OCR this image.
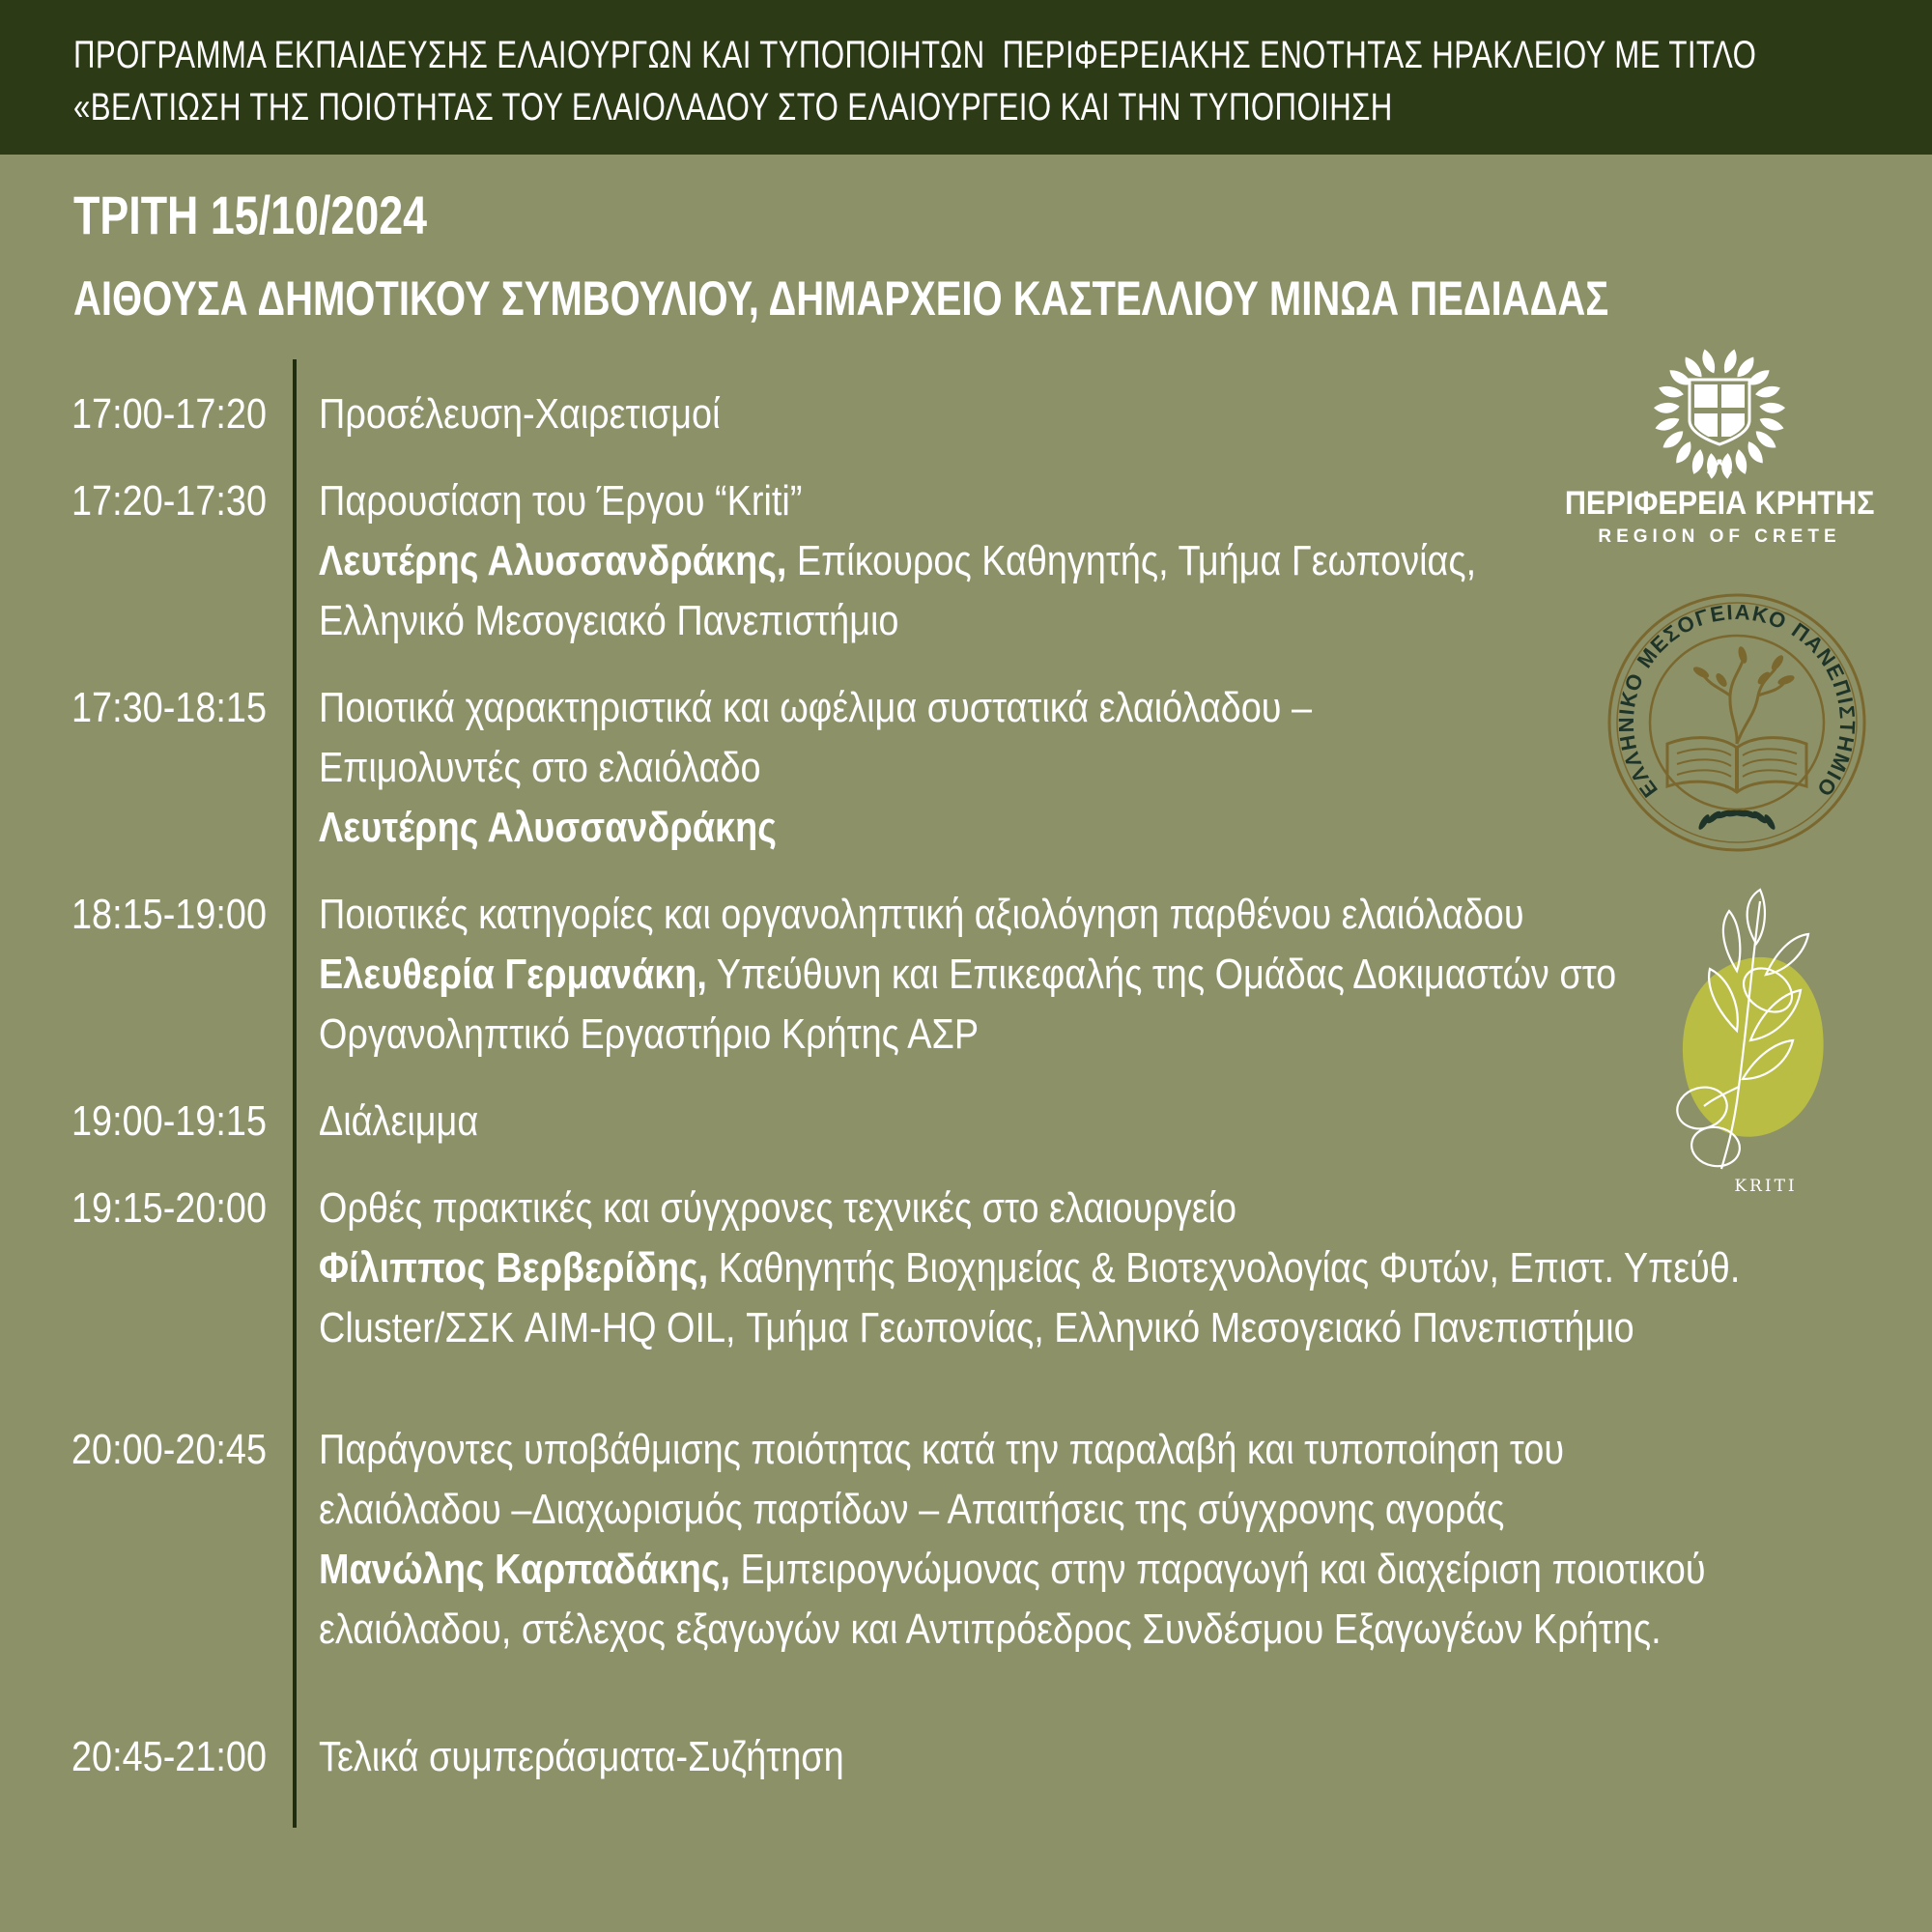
ΠΡΟΓΡΑΜΜΑ ΕΚΠΑΙΔΕΥΣΗΣ ΕΛΑΙΟΥΡΓΩΝ ΚΑΙ ΤΥΠΟΠΟΙΗΤΩΝ  ΠΕΡΙΦΕΡΕΙΑΚΗΣ ΕΝΟΤΗΤΑΣ ΗΡΑΚΛΕΙΟΥ ΜΕ ΤΙΤΛΟ
«ΒΕΛΤΙΩΣΗ ΤΗΣ ΠΟΙΟΤΗΤΑΣ ΤΟΥ ΕΛΑΙΟΛΑΔΟΥ ΣΤΟ ΕΛΑΙΟΥΡΓΕΙΟ ΚΑΙ ΤΗΝ ΤΥΠΟΠΟΙΗΣΗ
ΤΡΙΤΗ 15/10/2024
ΑΙΘΟΥΣΑ ΔΗΜΟΤΙΚΟΥ ΣΥΜΒΟΥΛΙΟΥ, ΔΗΜΑΡΧΕΙΟ ΚΑΣΤΕΛΛΙΟΥ ΜΙΝΩΑ ΠΕΔΙΑΔΑΣ
17:00-17:20	Προσέλευση-Χαιρετισμοί
17:20-17:30	Παρουσίαση του Έργου “Kriti”
Λευτέρης Αλυσσανδράκης, Επίκουρος Καθηγητής, Τμήμα Γεωπονίας,
Ελληνικό Μεσογειακό Πανεπιστήμιο
17:30-18:15	Ποιοτικά χαρακτηριστικά και ωφέλιμα συστατικά ελαιόλαδου –
Επιμολυντές στο ελαιόλαδο
Λευτέρης Αλυσσανδράκης
18:15-19:00	Ποιοτικές κατηγορίες και οργανοληπτική αξιολόγηση παρθένου ελαιόλαδου
Ελευθερία Γερμανάκη, Υπεύθυνη και Επικεφαλής της Ομάδας Δοκιμαστών στο
Οργανοληπτικό Εργαστήριο Κρήτης ΑΣΡ
19:00-19:15	Διάλειμμα
19:15-20:00	Ορθές πρακτικές και σύγχρονες τεχνικές στο ελαιουργείο
Φίλιππος Βερβερίδης, Καθηγητής Βιοχημείας & Βιοτεχνολογίας Φυτών, Επιστ. Υπεύθ.
Cluster/ΣΣΚ AIM-HQ OIL, Τμήμα Γεωπονίας, Ελληνικό Μεσογειακό Πανεπιστήμιο
20:00-20:45	Παράγοντες υποβάθμισης ποιότητας κατά την παραλαβή και τυποποίηση του
ελαιόλαδου –Διαχωρισμός παρτίδων – Απαιτήσεις της σύγχρονης αγοράς
Μανώλης Καρπαδάκης, Εμπειρογνώμονας στην παραγωγή και διαχείριση ποιοτικού
ελαιόλαδου, στέλεχος εξαγωγών και Αντιπρόεδρος Συνδέσμου Εξαγωγέων Κρήτης.
20:45-21:00	Τελικά συμπεράσματα-Συζήτηση
ΠΕΡΙΦΕΡΕΙΑ ΚΡΗΤΗΣ
REGION OF CRETE
ΕΛΛΗΝΙΚΟ ΜΕΣΟΓΕΙΑΚΟ ΠΑΝΕΠΙΣΤΗΜΙΟ
KRITI
